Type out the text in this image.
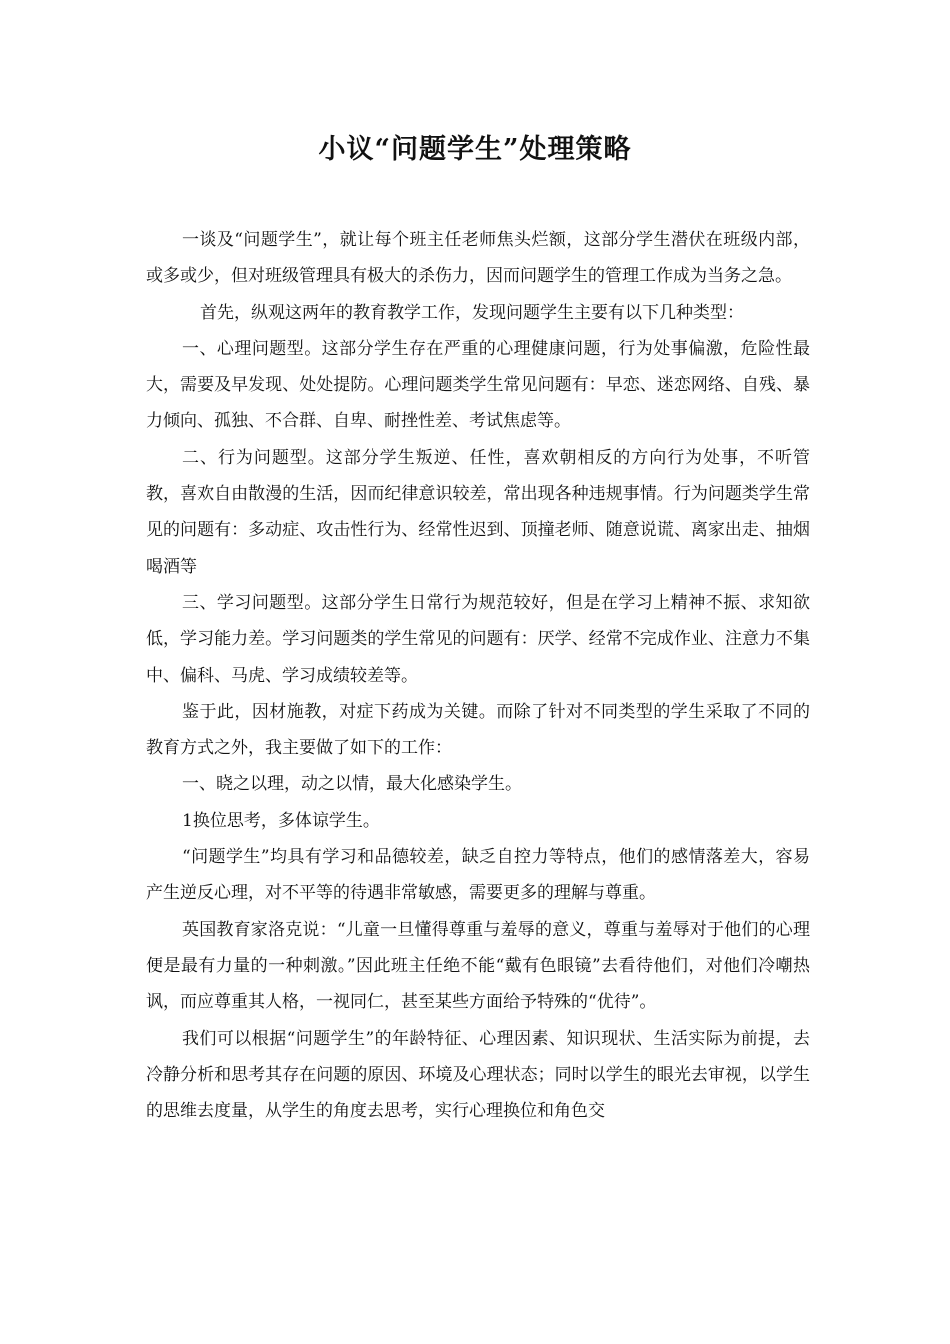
小议“问题学生”处理策略

一谈及“问题学生”，就让每个班主任老师焦头烂额，这部分学生潜伏在班级内部，或多或少，但对班级管理具有极大的杀伤力，因而问题学生的管理工作成为当务之急。

首先，纵观这两年的教育教学工作，发现问题学生主要有以下几种类型：

一、心理问题型。这部分学生存在严重的心理健康问题，行为处事偏激，危险性最大，需要及早发现、处处提防。心理问题类学生常见问题有：早恋、迷恋网络、自残、暴力倾向、孤独、不合群、自卑、耐挫性差、考试焦虑等。

二、行为问题型。这部分学生叛逆、任性，喜欢朝相反的方向行为处事，不听管教，喜欢自由散漫的生活，因而纪律意识较差，常出现各种违规事情。行为问题类学生常见的问题有：多动症、攻击性行为、经常性迟到、顶撞老师、随意说谎、离家出走、抽烟喝酒等

三、学习问题型。这部分学生日常行为规范较好，但是在学习上精神不振、求知欲低，学习能力差。学习问题类的学生常见的问题有：厌学、经常不完成作业、注意力不集中、偏科、马虎、学习成绩较差等。

鉴于此，因材施教，对症下药成为关键。而除了针对不同类型的学生采取了不同的教育方式之外，我主要做了如下的工作：

一、晓之以理，动之以情，最大化感染学生。

1换位思考，多体谅学生。

“问题学生”均具有学习和品德较差，缺乏自控力等特点，他们的感情落差大，容易产生逆反心理，对不平等的待遇非常敏感，需要更多的理解与尊重。

英国教育家洛克说：“儿童一旦懂得尊重与羞辱的意义，尊重与羞辱对于他们的心理便是最有力量的一种刺激。”因此班主任绝不能“戴有色眼镜”去看待他们，对他们冷嘲热讽，而应尊重其人格，一视同仁，甚至某些方面给予特殊的“优待”。

我们可以根据“问题学生”的年龄特征、心理因素、知识现状、生活实际为前提，去冷静分析和思考其存在问题的原因、环境及心理状态；同时以学生的眼光去审视，以学生的思维去度量，从学生的角度去思考，实行心理换位和角色交
